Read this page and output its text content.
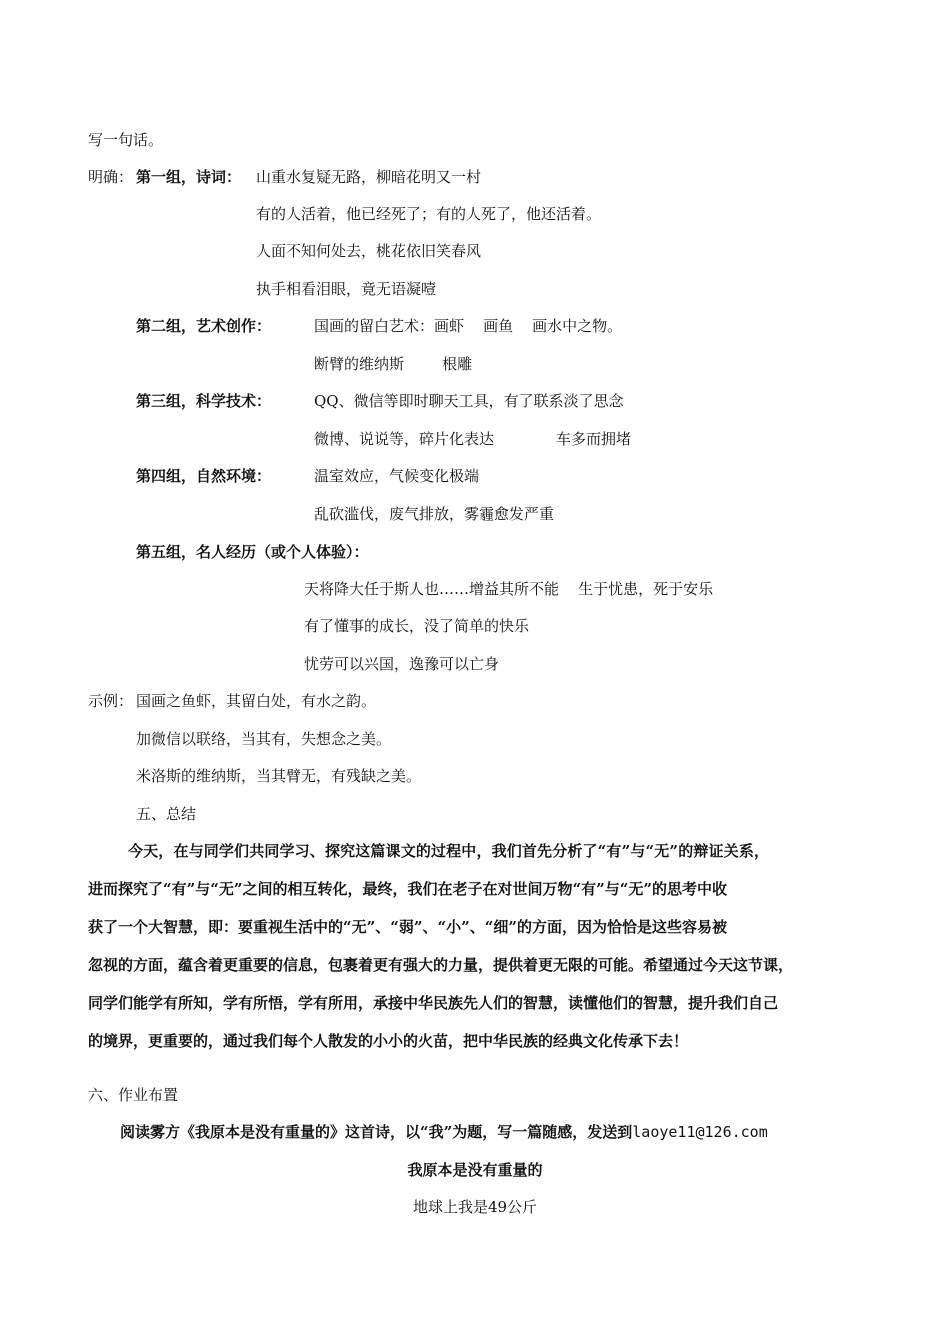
写一句话。
明确： 第一组，诗词： 山重水复疑无路，柳暗花明又一村
有的人活着，他已经死了；有的人死了，他还活着。
人面不知何处去，桃花依旧笑春风
执手相看泪眼，竟无语凝噎
第二组，艺术创作：	国画的留白艺术：画虾    画鱼    画水中之物。
断臂的维纳斯        根雕
第三组，科学技术：	QQ、微信等即时聊天工具，有了联系淡了思念
微博、说说等，碎片化表达             车多而拥堵
第四组，自然环境：	温室效应，气候变化极端
乱砍滥伐，废气排放，雾霾愈发严重
第五组，名人经历（或个人体验）：
天将降大任于斯人也……增益其所不能    生于忧患，死于安乐
有了懂事的成长，没了简单的快乐
忧劳可以兴国，逸豫可以亡身
示例： 国画之鱼虾，其留白处，有水之韵。
加微信以联络，当其有，失想念之美。
米洛斯的维纳斯，当其臂无，有残缺之美。
五、总结
今天，在与同学们共同学习、探究这篇课文的过程中，我们首先分析了“有”与“无”的辩证关系，
进而探究了“有”与“无”之间的相互转化，最终，我们在老子在对世间万物“有”与“无”的思考中收
获了一个大智慧，即：要重视生活中的“无”、“弱”、“小”、“细”的方面，因为恰恰是这些容易被
忽视的方面，蕴含着更重要的信息，包裹着更有强大的力量，提供着更无限的可能。希望通过今天这节课，
同学们能学有所知，学有所悟，学有所用，承接中华民族先人们的智慧，读懂他们的智慧，提升我们自己
的境界，更重要的，通过我们每个人散发的小小的火苗，把中华民族的经典文化传承下去！
六、作业布置
阅读雾方《我原本是没有重量的》这首诗，以“我”为题，写一篇随感，发送到laoye11@126.com
我原本是没有重量的
地球上我是49公斤
